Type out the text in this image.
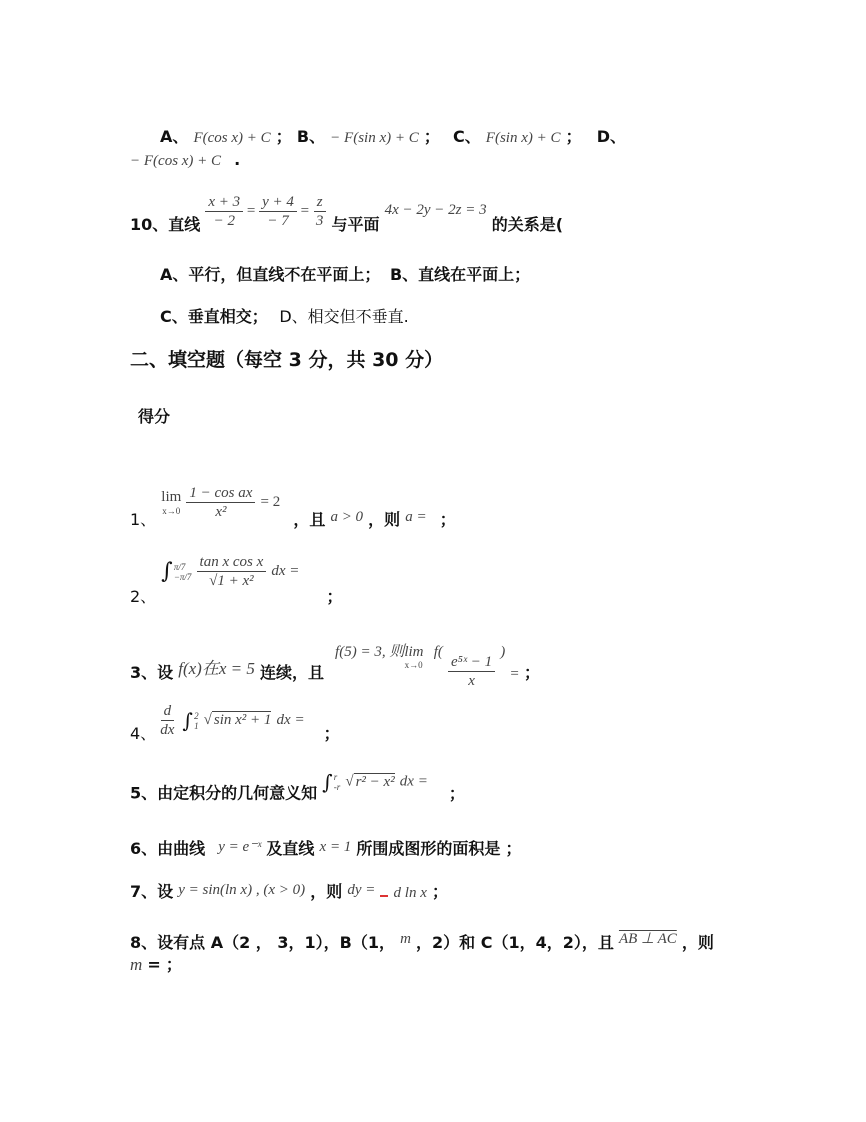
A、 F(cos x) + C ； B、 − F(sin x) + C ； C、 F(sin x) + C ； D、
− F(cos x) + C .
10、直线 $\frac{x + 3}{- 2} = \frac{y + 4}{- 7} = \frac{z}{3}$ 与平面 4x − 2y − 2z = 3 的关系是(
A、平行，但直线不在平面上； B、直线在平面上；
C、垂直相交； D、相交但不垂直.
二、填空题（每空 3 分，共 30 分）
得分
1、
lim
x→0
$\frac{\text{1 − cos ax}}{\text{x²}} = 2$ ，且 a > 0 ，则 a = ；
2、 ∫ π/7
−π/7
$\frac{\text{tan x cos x}}{\text{√1 + x²}}$ dx = ；
3、设 f(x)在x = 5 连续，且 f(5) = 3, 则lim $_{x\to 0}$ f(
$\frac{\text{e⁵ˣ − 1}}{x}$
) = ；
4、 $\frac{d}{dx}$ ∫ 2
1 √ sin x² + 1 dx = ；
5、由定积分的几何意义知 ∫ r
-r √ r² − x² dx = ；
6、由曲线 y = e⁻ˣ 及直线 x = 1 所围成图形的面积是 ；
7、设 y = sin(ln x) , (x > 0) ，则 dy = d ln x ；
8、设有点 A（2 ， 3，1），B（1， m ，2）和 C（1，4，2），且 AB ⊥ AC ，则
m = ；
